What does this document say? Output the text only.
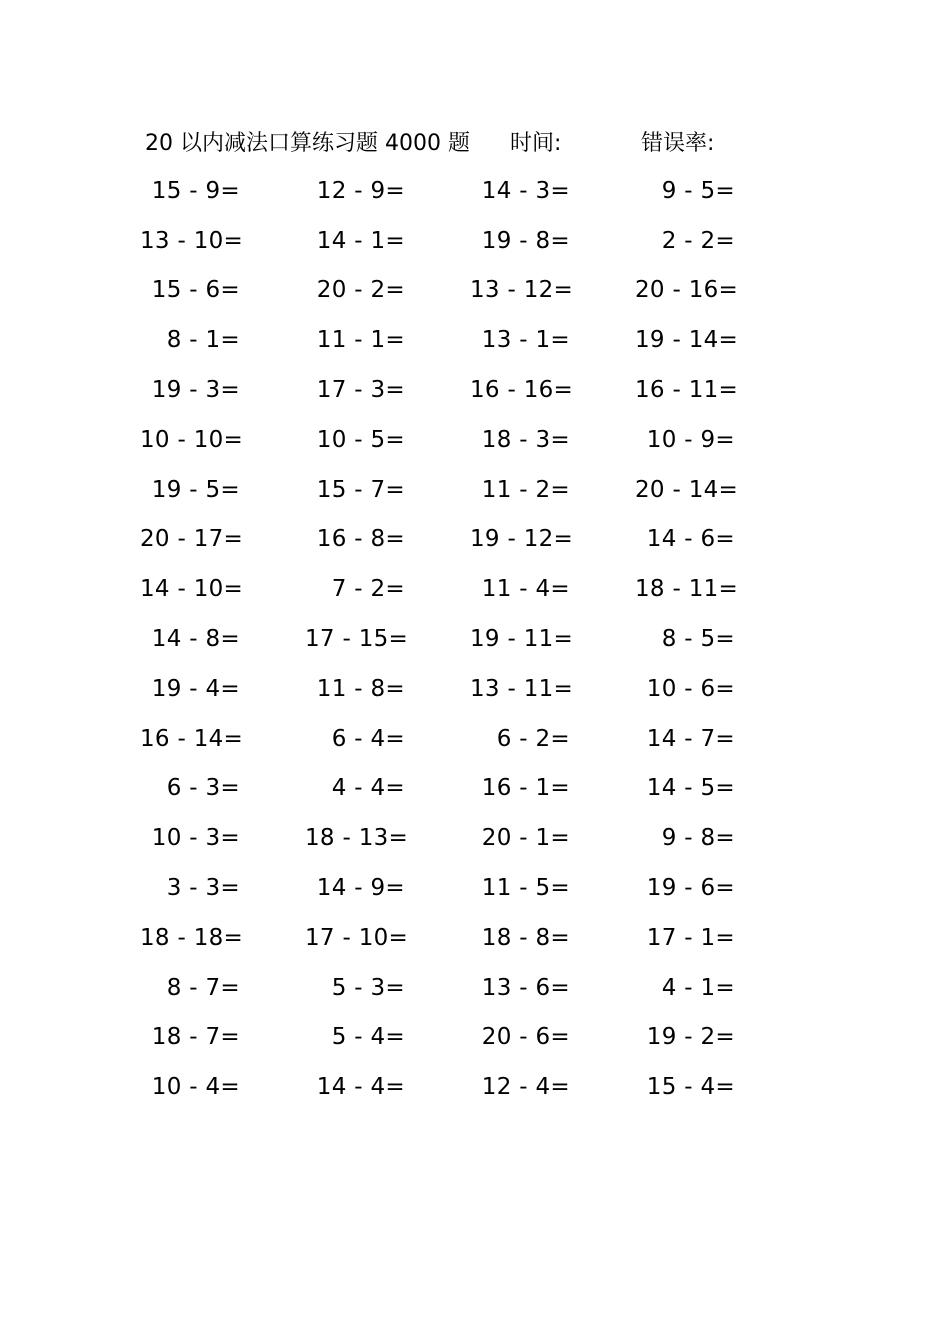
20 以内减法口算练习题 4000 题 时间:	错误率:
15 - 9=	12 - 9=	14 - 3=	9 - 5=
13 - 10=	14 - 1=	19 - 8=	2 - 2=
15 - 6=	20 - 2=	13 - 12=	20 - 16=
8 - 1=	11 - 1=	13 - 1=	19 - 14=
19 - 3=	17 - 3=	16 - 16=	16 - 11=
10 - 10=	10 - 5=	18 - 3=	10 - 9=
19 - 5=	15 - 7=	11 - 2=	20 - 14=
20 - 17=	16 - 8=	19 - 12=	14 - 6=
14 - 10=	7 - 2=	11 - 4=	18 - 11=
14 - 8=	17 - 15=	19 - 11=	8 - 5=
19 - 4=	11 - 8=	13 - 11=	10 - 6=
16 - 14=	6 - 4=	6 - 2=	14 - 7=
6 - 3=	4 - 4=	16 - 1=	14 - 5=
10 - 3=	18 - 13=	20 - 1=	9 - 8=
3 - 3=	14 - 9=	11 - 5=	19 - 6=
18 - 18=	17 - 10=	18 - 8=	17 - 1=
8 - 7=	5 - 3=	13 - 6=	4 - 1=
18 - 7=	5 - 4=	20 - 6=	19 - 2=
10 - 4=	14 - 4=	12 - 4=	15 - 4=
